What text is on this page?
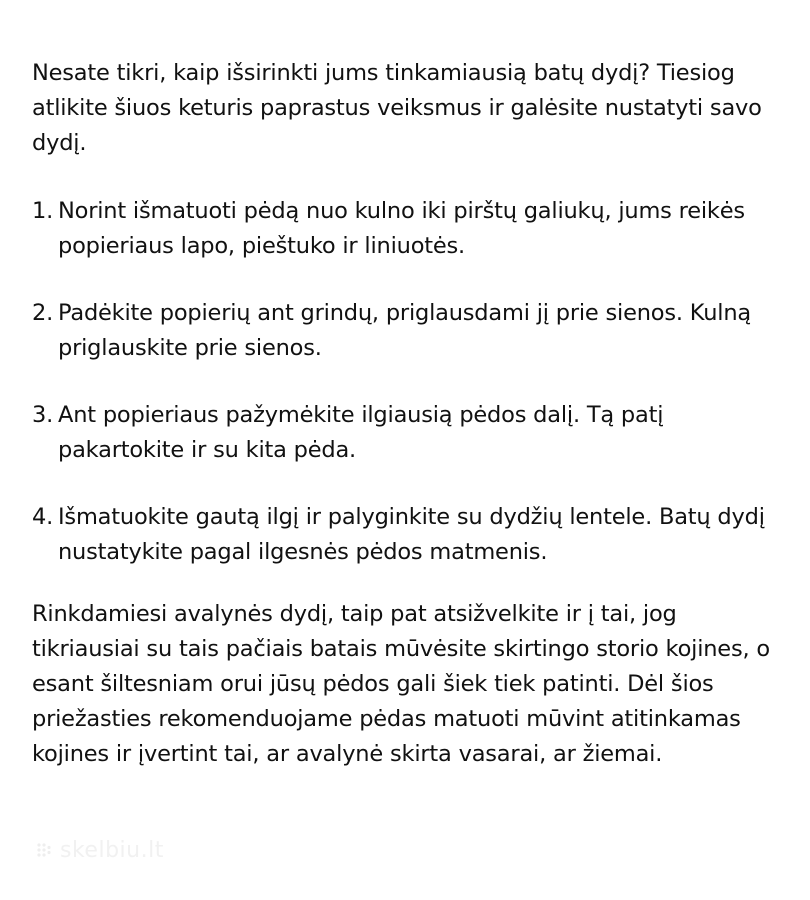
Nesate tikri, kaip išsirinkti jums tinkamiausią batų dydį? Tiesiog atlikite šiuos keturis paprastus veiksmus ir galėsite nustatyti savo dydį.

1. Norint išmatuoti pėdą nuo kulno iki pirštų galiukų, jums reikės popieriaus lapo, pieštuko ir liniuotės.
2. Padėkite popierių ant grindų, priglausdami jį prie sienos. Kulną priglauskite prie sienos.
3. Ant popieriaus pažymėkite ilgiausią pėdos dalį. Tą patį pakartokite ir su kita pėda.
4. Išmatuokite gautą ilgį ir palyginkite su dydžių lentele. Batų dydį nustatykite pagal ilgesnės pėdos matmenis.

Rinkdamiesi avalynės dydį, taip pat atsižvelkite ir į tai, jog tikriausiai su tais pačiais batais mūvėsite skirtingo storio kojines, o esant šiltesniam orui jūsų pėdos gali šiek tiek patinti. Dėl šios priežasties rekomenduojame pėdas matuoti mūvint atitinkamas kojines ir įvertint tai, ar avalynė skirta vasarai, ar žiemai.

skelbiu.lt
